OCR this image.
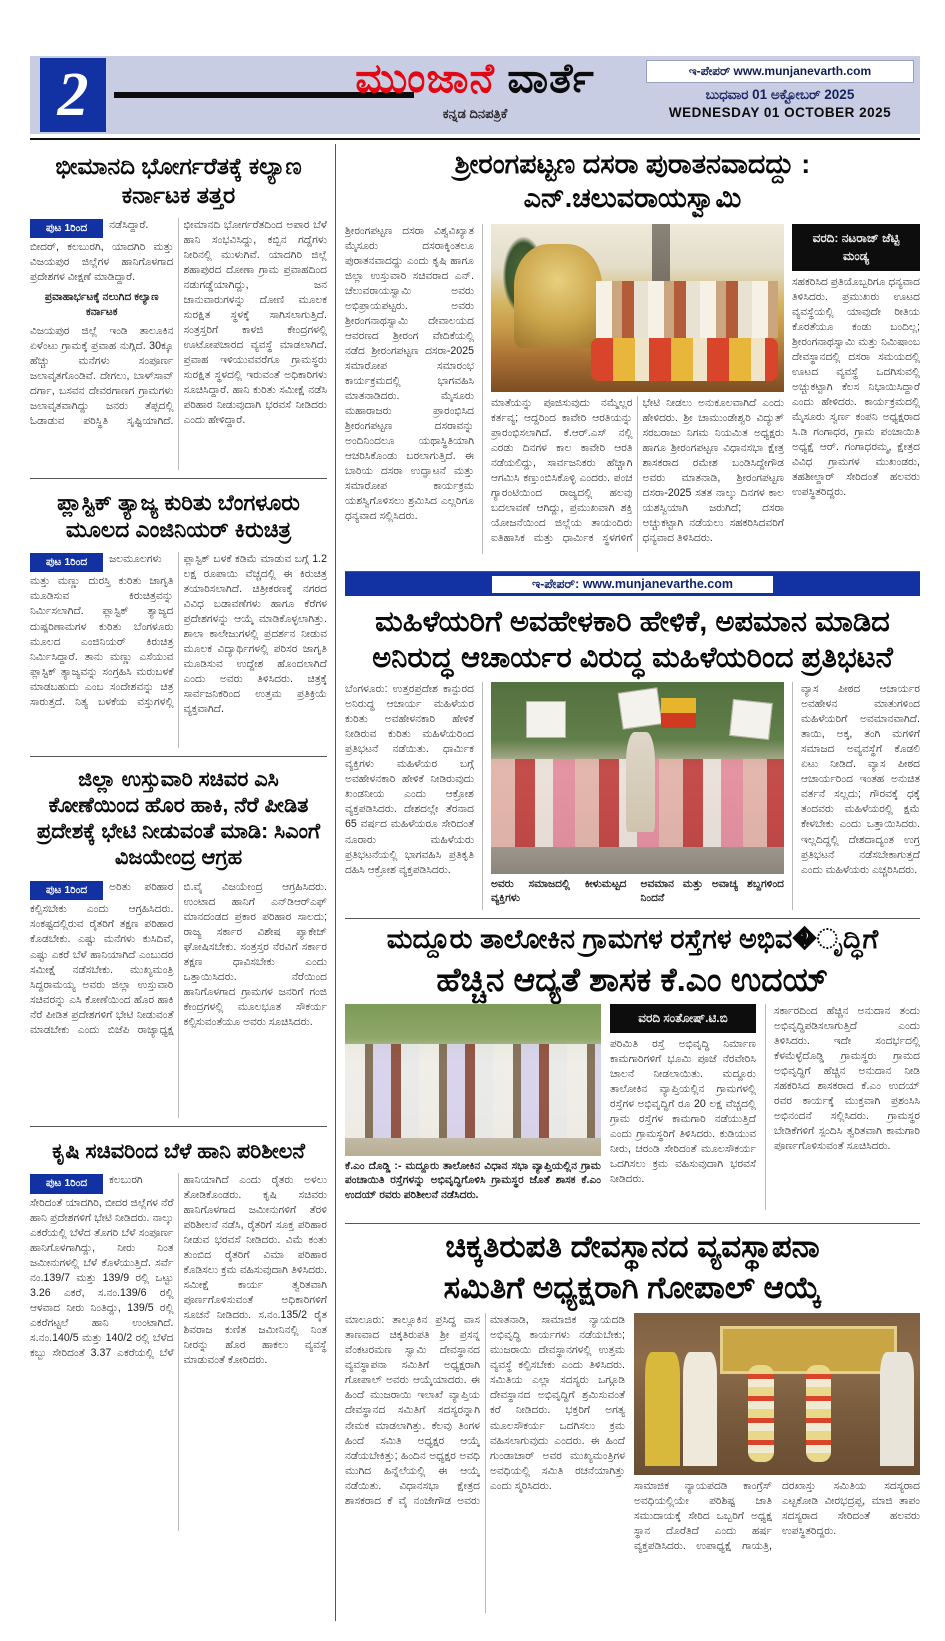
2	ಮುಂಜಾನೆ ವಾರ್ತೆ
ಕನ್ನಡ ದಿನಪತ್ರಿಕೆ
ಇ-ಪೇಪರ್ www.munjanevarth.com
ಬುಧವಾರ 01 ಅಕ್ಟೋಬರ್ 2025
WEDNESDAY 01 OCTOBER 2025
ಭೀಮಾನದಿ ಭೋರ್ಗರೆತಕ್ಕೆ ಕಲ್ಯಾಣ ಕರ್ನಾಟಕ ತತ್ತರ
ಪುಟ 1ರಿಂದ ನಡೆಸಿದ್ದಾರೆ. ಬೀದರ್, ಕಲಬುರಗಿ, ಯಾದಗಿರಿ ಮತ್ತು ವಿಜಯಪುರ ಜಿಲ್ಲೆಗಳ ಹಾನಿಗೊಳಗಾದ ಪ್ರದೇಶಗಳ ವೀಕ್ಷಣೆ ಮಾಡಿದ್ದಾರೆ.
ಪ್ರವಾಹಾರ್ಭಟಕ್ಕೆ ನಲುಗಿದ ಕಲ್ಯಾಣ ಕರ್ನಾಟಕ
ವಿಜಯಪುರ ಜಿಲ್ಲೆ ಇಂಡಿ ತಾಲೂಕಿನ ಏಳೆಂಟು ಗ್ರಾಮಕ್ಕೆ ಪ್ರವಾಹ ನುಗ್ಗಿದೆ. 30ಕ್ಕೂ ಹೆಚ್ಚು ಮನೆಗಳು ಸಂಪೂರ್ಣ ಜಲಾವೃತಗೊಂಡಿವೆ. ದೇಗಲು, ಬಾಳ್‌ಸಾವ್ ದರ್ಗಾ, ಬಸವನ ದೇವರಗಾಣಗ ಗ್ರಾಮಗಳು ಜಲಾವೃತವಾಗಿದ್ದು ಜನರು ತೆಪ್ಪದಲ್ಲಿ ಓಡಾಡುವ ಪರಿಸ್ಥಿತಿ ಸೃಷ್ಟಿಯಾಗಿದೆ. ಭೀಮಾನದಿ ಭೋರ್ಗರೆತದಿಂದ ಅಪಾರ ಬೆಳೆ ಹಾನಿ ಸಂಭವಿಸಿದ್ದು, ಕಬ್ಬಿನ ಗದ್ದೆಗಳು ನೀರಿನಲ್ಲಿ ಮುಳುಗಿವೆ. ಯಾದಗಿರಿ ಜಿಲ್ಲೆ ಶಹಾಪುರದ ದೋಣಾ ಗ್ರಾಮ ಪ್ರವಾಹದಿಂದ ನಡುಗಡ್ಡೆಯಾಗಿದ್ದು, ಜನ ಜಾನುವಾರುಗಳನ್ನು ದೋಣಿ ಮೂಲಕ ಸುರಕ್ಷಿತ ಸ್ಥಳಕ್ಕೆ ಸಾಗಿಸಲಾಗುತ್ತಿದೆ. ಸಂತ್ರಸ್ತರಿಗೆ ಕಾಳಜಿ ಕೇಂದ್ರಗಳಲ್ಲಿ ಊಟೋಪಚಾರದ ವ್ಯವಸ್ಥೆ ಮಾಡಲಾಗಿದೆ. ಪ್ರವಾಹ ಇಳಿಯುವವರೆಗೂ ಗ್ರಾಮಸ್ಥರು ಸುರಕ್ಷಿತ ಸ್ಥಳದಲ್ಲಿ ಇರುವಂತೆ ಅಧಿಕಾರಿಗಳು ಸೂಚಿಸಿದ್ದಾರೆ. ಹಾನಿ ಕುರಿತು ಸಮೀಕ್ಷೆ ನಡೆಸಿ ಪರಿಹಾರ ನೀಡುವುದಾಗಿ ಭರವಸೆ ನೀಡಿದರು ಎಂದು ಹೇಳಿದ್ದಾರೆ.
ಪ್ಲಾಸ್ಟಿಕ್ ತ್ಯಾಜ್ಯ ಕುರಿತು ಬೆಂಗಳೂರು ಮೂಲದ ಎಂಜಿನಿಯರ್ ಕಿರುಚಿತ್ರ
ಪುಟ 1ರಿಂದ ಜಲಮೂಲಗಳು ಮತ್ತು ಮಣ್ಣು ದುರಸ್ತಿ ಕುರಿತು ಜಾಗೃತಿ ಮೂಡಿಸುವ ಕಿರುಚಿತ್ರವನ್ನು ನಿರ್ಮಿಸಲಾಗಿದೆ. ಪ್ಲಾಸ್ಟಿಕ್ ತ್ಯಾಜ್ಯದ ದುಷ್ಪರಿಣಾಮಗಳ ಕುರಿತು ಬೆಂಗಳೂರು ಮೂಲದ ಎಂಜಿನಿಯರ್ ಕಿರುಚಿತ್ರ ನಿರ್ಮಿಸಿದ್ದಾರೆ. ತಾನು ಮಣ್ಣು ಎಸೆಯುವ ಪ್ಲಾಸ್ಟಿಕ್ ತ್ಯಾಜ್ಯವನ್ನು ಸಂಗ್ರಹಿಸಿ ಮರುಬಳಕೆ ಮಾಡಬಹುದು ಎಂಬ ಸಂದೇಶವನ್ನು ಚಿತ್ರ ಸಾರುತ್ತದೆ. ನಿತ್ಯ ಬಳಕೆಯ ವಸ್ತುಗಳಲ್ಲಿ ಪ್ಲಾಸ್ಟಿಕ್ ಬಳಕೆ ಕಡಿಮೆ ಮಾಡುವ ಬಗ್ಗೆ 1.2 ಲಕ್ಷ ರೂಪಾಯಿ ವೆಚ್ಚದಲ್ಲಿ ಈ ಕಿರುಚಿತ್ರ ತಯಾರಿಸಲಾಗಿದೆ. ಚಿತ್ರೀಕರಣಕ್ಕೆ ನಗರದ ವಿವಿಧ ಬಡಾವಣೆಗಳು ಹಾಗೂ ಕೆರೆಗಳ ಪ್ರದೇಶಗಳನ್ನು ಆಯ್ಕೆ ಮಾಡಿಕೊಳ್ಳಲಾಗಿತ್ತು. ಶಾಲಾ ಕಾಲೇಜುಗಳಲ್ಲಿ ಪ್ರದರ್ಶನ ನೀಡುವ ಮೂಲಕ ವಿದ್ಯಾರ್ಥಿಗಳಲ್ಲಿ ಪರಿಸರ ಜಾಗೃತಿ ಮೂಡಿಸುವ ಉದ್ದೇಶ ಹೊಂದಲಾಗಿದೆ ಎಂದು ಅವರು ತಿಳಿಸಿದರು. ಚಿತ್ರಕ್ಕೆ ಸಾರ್ವಜನಿಕರಿಂದ ಉತ್ತಮ ಪ್ರತಿಕ್ರಿಯೆ ವ್ಯಕ್ತವಾಗಿದೆ.
ಜಿಲ್ಲಾ ಉಸ್ತುವಾರಿ ಸಚಿವರ ಎಸಿ ಕೋಣೆಯಿಂದ ಹೊರ ಹಾಕಿ, ನೆರೆ ಪೀಡಿತ ಪ್ರದೇಶಕ್ಕೆ ಭೇಟಿ ನೀಡುವಂತೆ ಮಾಡಿ: ಸಿಎಂಗೆ ವಿಜಯೇಂದ್ರ ಆಗ್ರಹ
ಪುಟ 1ರಿಂದ ಅರಿತು ಪರಿಹಾರ ಕಲ್ಪಿಸಬೇಕು ಎಂದು ಆಗ್ರಹಿಸಿದರು. ಸಂಕಷ್ಟದಲ್ಲಿರುವ ರೈತರಿಗೆ ತಕ್ಷಣ ಪರಿಹಾರ ಕೊಡಬೇಕು. ಎಷ್ಟು ಮನೆಗಳು ಕುಸಿದಿವೆ, ಎಷ್ಟು ಎಕರೆ ಬೆಳೆ ಹಾನಿಯಾಗಿದೆ ಎಂಬುದರ ಸಮೀಕ್ಷೆ ನಡೆಸಬೇಕು. ಮುಖ್ಯಮಂತ್ರಿ ಸಿದ್ದರಾಮಯ್ಯ ಅವರು ಜಿಲ್ಲಾ ಉಸ್ತುವಾರಿ ಸಚಿವರನ್ನು ಎಸಿ ಕೋಣೆಯಿಂದ ಹೊರ ಹಾಕಿ ನೆರೆ ಪೀಡಿತ ಪ್ರದೇಶಗಳಿಗೆ ಭೇಟಿ ನೀಡುವಂತೆ ಮಾಡಬೇಕು ಎಂದು ಬಿಜೆಪಿ ರಾಜ್ಯಾಧ್ಯಕ್ಷ ಬಿ.ವೈ ವಿಜಯೇಂದ್ರ ಆಗ್ರಹಿಸಿದರು. ಉಂಟಾದ ಹಾನಿಗೆ ಎನ್‌ಡಿಆರ್‌ಎಫ್ ಮಾನದಂಡದ ಪ್ರಕಾರ ಪರಿಹಾರ ಸಾಲದು; ರಾಜ್ಯ ಸರ್ಕಾರ ವಿಶೇಷ ಪ್ಯಾಕೇಜ್ ಘೋಷಿಸಬೇಕು. ಸಂತ್ರಸ್ತರ ನೆರವಿಗೆ ಸರ್ಕಾರ ತಕ್ಷಣ ಧಾವಿಸಬೇಕು ಎಂದು ಒತ್ತಾಯಿಸಿದರು. ನೆರೆಯಿಂದ ಹಾನಿಗೊಳಗಾದ ಗ್ರಾಮಗಳ ಜನರಿಗೆ ಗಂಜಿ ಕೇಂದ್ರಗಳಲ್ಲಿ ಮೂಲಭೂತ ಸೌಕರ್ಯ ಕಲ್ಪಿಸುವಂತೆಯೂ ಅವರು ಸೂಚಿಸಿದರು.
ಕೃಷಿ ಸಚಿವರಿಂದ ಬೆಳೆ ಹಾನಿ ಪರಿಶೀಲನೆ
ಪುಟ 1ರಿಂದ ಕಲಬುರಗಿ ಸೇರಿದಂತೆ ಯಾದಗಿರಿ, ಬೀದರ ಜಿಲ್ಲೆಗಳ ನೆರೆ ಹಾನಿ ಪ್ರದೇಶಗಳಿಗೆ ಭೇಟಿ ನೀಡಿದರು. ನಾಲ್ಕು ಎಕರೆಯಲ್ಲಿ ಬೆಳೆದ ತೊಗರಿ ಬೆಳೆ ಸಂಪೂರ್ಣ ಹಾನಿಗೊಳಗಾಗಿದ್ದು, ನೀರು ನಿಂತ ಜಮೀನುಗಳಲ್ಲಿ ಬೆಳೆ ಕೊಳೆಯುತ್ತಿದೆ. ಸರ್ವೆ ನಂ.139/7 ಮತ್ತು 139/9 ರಲ್ಲಿ ಒಟ್ಟು 3.26 ಎಕರೆ, ಸ.ನಂ.139/6 ರಲ್ಲಿ ಆಳವಾದ ನೀರು ನಿಂತಿದ್ದು, 139/5 ರಲ್ಲಿ ಎಕರೆಗಟ್ಟಲೆ ಹಾನಿ ಉಂಟಾಗಿದೆ. ಸ.ನಂ.140/5 ಮತ್ತು 140/2 ರಲ್ಲಿ ಬೆಳೆದ ಕಬ್ಬು ಸೇರಿದಂತೆ 3.37 ಎಕರೆಯಲ್ಲಿ ಬೆಳೆ ಹಾನಿಯಾಗಿದೆ ಎಂದು ರೈತರು ಅಳಲು ತೋಡಿಕೊಂಡರು. ಕೃಷಿ ಸಚಿವರು ಹಾನಿಗೊಳಗಾದ ಜಮೀನುಗಳಿಗೆ ತೆರಳಿ ಪರಿಶೀಲನೆ ನಡೆಸಿ, ರೈತರಿಗೆ ಸೂಕ್ತ ಪರಿಹಾರ ನೀಡುವ ಭರವಸೆ ನೀಡಿದರು. ವಿಮೆ ಕಂತು ತುಂಬಿದ ರೈತರಿಗೆ ವಿಮಾ ಪರಿಹಾರ ಕೊಡಿಸಲು ಕ್ರಮ ವಹಿಸುವುದಾಗಿ ತಿಳಿಸಿದರು. ಸಮೀಕ್ಷೆ ಕಾರ್ಯ ತ್ವರಿತವಾಗಿ ಪೂರ್ಣಗೊಳಿಸುವಂತೆ ಅಧಿಕಾರಿಗಳಿಗೆ ಸೂಚನೆ ನೀಡಿದರು. ಸ.ನಂ.135/2 ರೈತ ಶಿವರಾಜ ಕುಣಿತ ಜಮೀನಿನಲ್ಲಿ ನಿಂತ ನೀರನ್ನು ಹೊರ ಹಾಕಲು ವ್ಯವಸ್ಥೆ ಮಾಡುವಂತೆ ಕೋರಿದರು.
ಶ್ರೀರಂಗಪಟ್ಟಣ ದಸರಾ ಪುರಾತನವಾದದ್ದು : ಎನ್.ಚಲುವರಾಯಸ್ವಾಮಿ
ಶ್ರೀರಂಗಪಟ್ಟಣ ದಸರಾ ವಿಶ್ವವಿಖ್ಯಾತ ಮೈಸೂರು ದಸರಾಕ್ಕಿಂತಲೂ ಪುರಾತನವಾದದ್ದು ಎಂದು ಕೃಷಿ ಹಾಗೂ ಜಿಲ್ಲಾ ಉಸ್ತುವಾರಿ ಸಚಿವರಾದ ಎನ್. ಚೆಲುವರಾಯಸ್ವಾಮಿ ಅವರು ಅಭಿಪ್ರಾಯಪಟ್ಟರು. ಅವರು ಶ್ರೀರಂಗನಾಥಸ್ವಾಮಿ ದೇವಾಲಯದ ಆವರಣದ ಶ್ರೀರಂಗ ವೇದಿಕೆಯಲ್ಲಿ ನಡೆದ ಶ್ರೀರಂಗಪಟ್ಟಣ ದಸರಾ-2025 ಸಮಾರೋಪ ಸಮಾರಂಭ ಕಾರ್ಯಕ್ರಮದಲ್ಲಿ ಭಾಗವಹಿಸಿ ಮಾತನಾಡಿದರು. ಮೈಸೂರು ಮಹಾರಾಜರು ಪ್ರಾರಂಭಿಸಿದ ಶ್ರೀರಂಗಪಟ್ಟಣ ದಸರಾವನ್ನು ಅಂದಿನಿಂದಲೂ ಯಥಾಸ್ಥಿತಿಯಾಗಿ ಆಚರಿಸಿಕೊಂಡು ಬರಲಾಗುತ್ತಿದೆ. ಈ ಬಾರಿಯ ದಸರಾ ಉದ್ಘಾಟನೆ ಮತ್ತು ಸಮಾರೋಪ ಕಾರ್ಯಕ್ರಮ ಯಶಸ್ವಿಗೊಳಿಸಲು ಶ್ರಮಿಸಿದ ಎಲ್ಲರಿಗೂ ಧನ್ಯವಾದ ಸಲ್ಲಿಸಿದರು.
ಮಾತೆಯನ್ನು ಪೂಜಿಸುವುದು ನಮ್ಮೆಲ್ಲರ ಕರ್ತವ್ಯ; ಆದ್ದರಿಂದ ಕಾವೇರಿ ಆರತಿಯನ್ನು ಪ್ರಾರಂಭಿಸಲಾಗಿದೆ. ಕೆ.ಆರ್.ಎಸ್ ನಲ್ಲಿ ಎರಡು ದಿನಗಳ ಕಾಲ ಕಾವೇರಿ ಆರತಿ ನಡೆಯಲಿದ್ದು, ಸಾರ್ವಜನಿಕರು ಹೆಚ್ಚಾಗಿ ಆಗಮಿಸಿ ಕಣ್ತುಂಬಿಸಿಕೊಳ್ಳಿ ಎಂದರು. ಪಂಚ ಗ್ಯಾರಂಟಿಯಿಂದ ರಾಜ್ಯದಲ್ಲಿ ಹಲವು ಬದಲಾವಣೆ ಆಗಿದ್ದು, ಪ್ರಮುಖವಾಗಿ ಶಕ್ತಿ ಯೋಜನೆಯಿಂದ ಜಿಲ್ಲೆಯ ತಾಯಂದಿರು ಐತಿಹಾಸಿಕ ಮತ್ತು ಧಾರ್ಮಿಕ ಸ್ಥಳಗಳಿಗೆ ಭೇಟಿ ನೀಡಲು ಅನುಕೂಲವಾಗಿದೆ ಎಂದು ಹೇಳಿದರು. ಶ್ರೀ ಚಾಮುಂಡೇಶ್ವರಿ ವಿದ್ಯುತ್ ಸರಬರಾಜು ನಿಗಮ ನಿಯಮಿತ ಅಧ್ಯಕ್ಷರು ಹಾಗೂ ಶ್ರೀರಂಗಪಟ್ಟಣ ವಿಧಾನಸಭಾ ಕ್ಷೇತ್ರ ಶಾಸಕರಾದ ರಮೇಶ ಬಂಡಿಸಿದ್ದೇಗೌಡ ಅವರು ಮಾತನಾಡಿ, ಶ್ರೀರಂಗಪಟ್ಟಣ ದಸರಾ-2025 ಸತತ ನಾಲ್ಕು ದಿನಗಳ ಕಾಲ ಯಶಸ್ವಿಯಾಗಿ ಜರುಗಿದೆ; ದಸರಾ ಅಚ್ಚುಕಟ್ಟಾಗಿ ನಡೆಯಲು ಸಹಕರಿಸಿದವರಿಗೆ ಧನ್ಯವಾದ ತಿಳಿಸಿದರು.
ವರದಿ: ನಟರಾಜ್ ಜೆಟ್ಟಿ
ಮಂಡ್ಯ
ಸಹಕರಿಸಿದ ಪ್ರತಿಯೊಬ್ಬರಿಗೂ ಧನ್ಯವಾದ ತಿಳಿಸಿದರು. ಪ್ರಮುಖರು ಊಟದ ವ್ಯವಸ್ಥೆಯಲ್ಲಿ ಯಾವುದೇ ರೀತಿಯ ಕೊರತೆಯೂ ಕಂಡು ಬಂದಿಲ್ಲ; ಶ್ರೀರಂಗನಾಥಸ್ವಾಮಿ ಮತ್ತು ನಿಮಿಷಾಂಬ ದೇವಸ್ಥಾನದಲ್ಲಿ ದಸರಾ ಸಮಯದಲ್ಲಿ ಊಟದ ವ್ಯವಸ್ಥೆ ಒದಗಿಸುವಲ್ಲಿ ಅಚ್ಚುಕಟ್ಟಾಗಿ ಕೆಲಸ ನಿಭಾಯಿಸಿದ್ದಾರೆ ಎಂದು ಹೇಳಿದರು. ಕಾರ್ಯಕ್ರಮದಲ್ಲಿ ಮೈಸೂರು ಸ್ವರ್ಣ ಕಂಪನಿ ಅಧ್ಯಕ್ಷರಾದ ಸಿ.ಡಿ ಗಂಗಾಧರ, ಗ್ರಾಮ ಪಂಚಾಯಿತಿ ಅಧ್ಯಕ್ಷೆ ಆರ್. ಗಂಗಾಧರಮ್ಮ, ಕ್ಷೇತ್ರದ ವಿವಿಧ ಗ್ರಾಮಗಳ ಮುಖಂಡರು, ತಹಶೀಲ್ದಾರ್ ಸೇರಿದಂತೆ ಹಲವರು ಉಪಸ್ಥಿತರಿದ್ದರು.
ಇ-ಪೇಪರ್: www.munjanevarthe.com
ಮಹಿಳೆಯರಿಗೆ ಅವಹೇಳಕಾರಿ ಹೇಳಿಕೆ, ಅಪಮಾನ ಮಾಡಿದ
ಅನಿರುದ್ಧ ಆಚಾರ್ಯರ ವಿರುದ್ಧ ಮಹಿಳೆಯರಿಂದ ಪ್ರತಿಭಟನೆ
ಬೆಂಗಳೂರು: ಉತ್ತರಪ್ರದೇಶ ಕಾನ್ಪುರದ ಅನಿರುದ್ಧ ಆಚಾರ್ಯ ಮಹಿಳೆಯರ ಕುರಿತು ಅವಹೇಳನಕಾರಿ ಹೇಳಿಕೆ ನೀಡಿರುವ ಕುರಿತು ಮಹಿಳೆಯರಿಂದ ಪ್ರತಿಭಟನೆ ನಡೆಯಿತು. ಧಾರ್ಮಿಕ ವ್ಯಕ್ತಿಗಳು ಮಹಿಳೆಯರ ಬಗ್ಗೆ ಅವಹೇಳನಕಾರಿ ಹೇಳಿಕೆ ನೀಡಿರುವುದು ಖಂಡನೀಯ ಎಂದು ಆಕ್ರೋಶ ವ್ಯಕ್ತಪಡಿಸಿದರು. ದೇಶದಲ್ಲೇ ತೆರನಾದ 65 ವರ್ಷದ ಮಹಿಳೆಯರೂ ಸೇರಿದಂತೆ ನೂರಾರು ಮಹಿಳೆಯರು ಪ್ರತಿಭಟನೆಯಲ್ಲಿ ಭಾಗವಹಿಸಿ ಪ್ರತಿಕೃತಿ ದಹಿಸಿ ಆಕ್ರೋಶ ವ್ಯಕ್ತಪಡಿಸಿದರು.
ಅವರು ಸಮಾಜದಲ್ಲಿ ಕೀಳುಮಟ್ಟದ ವ್ಯಕ್ತಿಗಳು
ಅವಮಾನ ಮತ್ತು ಅವಾಚ್ಯ ಶಬ್ದಗಳಿಂದ ನಿಂದನೆ
ವ್ಯಾಸ ಪೀಠದ ಆಚಾರ್ಯರ ಅವಹೇಳನ ಮಾತುಗಳಿಂದ ಮಹಿಳೆಯರಿಗೆ ಅವಮಾನವಾಗಿದೆ. ತಾಯಿ, ಅಕ್ಕ, ತಂಗಿ ಮಗಳಿಗೆ ಸಮಾಜದ ಅವ್ಯವಸ್ಥೆಗೆ ಕೊಡಲಿ ಏಟು ನೀಡಿದೆ. ವ್ಯಾಸ ಪೀಠದ ಆಚಾರ್ಯರಿಂದ ಇಂತಹ ಅನುಚಿತ ವರ್ತನೆ ಸಲ್ಲದು; ಗೌರವಕ್ಕೆ ಧಕ್ಕೆ ತಂದವರು ಮಹಿಳೆಯರಲ್ಲಿ ಕ್ಷಮೆ ಕೇಳಬೇಕು ಎಂದು ಒತ್ತಾಯಿಸಿದರು. ಇಲ್ಲದಿದ್ದಲ್ಲಿ ದೇಶದಾದ್ಯಂತ ಉಗ್ರ ಪ್ರತಿಭಟನೆ ನಡೆಸಬೇಕಾಗುತ್ತದೆ ಎಂದು ಮಹಿಳೆಯರು ಎಚ್ಚರಿಸಿದರು.
ಮದ್ದೂರು ತಾಲೋಕಿನ ಗ್ರಾಮಗಳ ರಸ್ತೆಗಳ ಅಭಿವ�ೃದ್ಧಿಗೆ
ಹೆಚ್ಚಿನ ಆದ್ಯತೆ ಶಾಸಕ ಕೆ.ಎಂ ಉದಯ್
ಕೆ.ಎಂ ದೊಡ್ಡಿ :- ಮದ್ದೂರು ತಾಲೋಕಿನ ವಿಧಾನ ಸಭಾ ವ್ಯಾಪ್ತಿಯಲ್ಲಿನ ಗ್ರಾಮ ಪಂಚಾಯಿತಿ ರಸ್ತೆಗಳನ್ನು ಅಭಿವೃದ್ಧಿಗೊಳಿಸಿ ಗ್ರಾಮಸ್ಥರ ಜೊತೆ ಶಾಸಕ ಕೆ.ಎಂ ಉದಯ್ ರವರು ಪರಿಶೀಲನೆ ನಡೆಸಿದರು.
ವರದಿ ಸಂತೋಷ್.ಟಿ.ಬಿ
ಪರಿಮಿತಿ ರಸ್ತೆ ಅಭಿವೃದ್ಧಿ ನಿರ್ಮಾಣ ಕಾಮಗಾರಿಗಳಿಗೆ ಭೂಮಿ ಪೂಜೆ ನೆರವೇರಿಸಿ ಚಾಲನೆ ನೀಡಲಾಯಿತು. ಮದ್ದೂರು ತಾಲೋಕಿನ ವ್ಯಾಪ್ತಿಯಲ್ಲಿನ ಗ್ರಾಮಗಳಲ್ಲಿ ರಸ್ತೆಗಳ ಅಭಿವೃದ್ಧಿಗೆ ರೂ 20 ಲಕ್ಷ ವೆಚ್ಚದಲ್ಲಿ ಗ್ರಾಮ ರಸ್ತೆಗಳ ಕಾಮಗಾರಿ ನಡೆಯುತ್ತಿದೆ ಎಂದು ಗ್ರಾಮಸ್ಥರಿಗೆ ತಿಳಿಸಿದರು. ಕುಡಿಯುವ ನೀರು, ಚರಂಡಿ ಸೇರಿದಂತೆ ಮೂಲಸೌಕರ್ಯ ಒದಗಿಸಲು ಕ್ರಮ ವಹಿಸುವುದಾಗಿ ಭರವಸೆ ನೀಡಿದರು.
ಸರ್ಕಾರದಿಂದ ಹೆಚ್ಚಿನ ಅನುದಾನ ತಂದು ಅಭಿವೃದ್ಧಿಪಡಿಸಲಾಗುತ್ತಿದೆ ಎಂದು ತಿಳಿಸಿದರು. ಇದೇ ಸಂದರ್ಭದಲ್ಲಿ ಕೆಳಮೆಳ್ಳೆದೊಡ್ಡಿ ಗ್ರಾಮಸ್ಥರು ಗ್ರಾಮದ ಅಭಿವೃದ್ಧಿಗೆ ಹೆಚ್ಚಿನ ಅನುದಾನ ನೀಡಿ ಸಹಕರಿಸಿದ ಶಾಸಕರಾದ ಕೆ.ಎಂ ಉದಯ್ ರವರ ಕಾರ್ಯಕ್ಕೆ ಮುಕ್ತವಾಗಿ ಪ್ರಶಂಸಿಸಿ ಅಭಿನಂದನೆ ಸಲ್ಲಿಸಿದರು. ಗ್ರಾಮಸ್ಥರ ಬೇಡಿಕೆಗಳಿಗೆ ಸ್ಪಂದಿಸಿ ತ್ವರಿತವಾಗಿ ಕಾಮಗಾರಿ ಪೂರ್ಣಗೊಳಿಸುವಂತೆ ಸೂಚಿಸಿದರು.
ಚಿಕ್ಕತಿರುಪತಿ ದೇವಸ್ಥಾನದ ವ್ಯವಸ್ಥಾಪನಾ
ಸಮಿತಿಗೆ ಅಧ್ಯಕ್ಷರಾಗಿ ಗೋಪಾಲ್ ಆಯ್ಕೆ
ಮಾಲೂರು: ತಾಲ್ಲೂಕಿನ ಪ್ರಸಿದ್ಧ ವಾಸ ತಾಣವಾದ ಚಿಕ್ಕತಿರುಪತಿ ಶ್ರೀ ಪ್ರಸನ್ನ ವೆಂಕಟರಮಣ ಸ್ವಾಮಿ ದೇವಸ್ಥಾನದ ವ್ಯವಸ್ಥಾಪನಾ ಸಮಿತಿಗೆ ಅಧ್ಯಕ್ಷರಾಗಿ ಗೋಪಾಲ್ ಅವರು ಆಯ್ಕೆಯಾದರು. ಈ ಹಿಂದೆ ಮುಜರಾಯಿ ಇಲಾಖೆ ವ್ಯಾಪ್ತಿಯ ದೇವಸ್ಥಾನದ ಸಮಿತಿಗೆ ಸದಸ್ಯರನ್ನಾಗಿ ನೇಮಕ ಮಾಡಲಾಗಿತ್ತು. ಕೆಲವು ತಿಂಗಳ ಹಿಂದೆ ಸಮಿತಿ ಅಧ್ಯಕ್ಷರ ಆಯ್ಕೆ ನಡೆಯಬೇಕಿತ್ತು; ಹಿಂದಿನ ಅಧ್ಯಕ್ಷರ ಅವಧಿ ಮುಗಿದ ಹಿನ್ನೆಲೆಯಲ್ಲಿ ಈ ಆಯ್ಕೆ ನಡೆಯಿತು. ವಿಧಾನಸಭಾ ಕ್ಷೇತ್ರದ ಶಾಸಕರಾದ ಕೆ ವೈ ನಂಜೇಗೌಡ ಅವರು ಮಾತನಾಡಿ, ಸಾಮಾಜಿಕ ನ್ಯಾಯದಡಿ ಅಭಿವೃದ್ಧಿ ಕಾರ್ಯಗಳು ನಡೆಯಬೇಕು; ಮುಜರಾಯಿ ದೇವಸ್ಥಾನಗಳಲ್ಲಿ ಉತ್ತಮ ವ್ಯವಸ್ಥೆ ಕಲ್ಪಿಸಬೇಕು ಎಂದು ತಿಳಿಸಿದರು. ಸಮಿತಿಯ ಎಲ್ಲಾ ಸದಸ್ಯರು ಒಗ್ಗೂಡಿ ದೇವಸ್ಥಾನದ ಅಭಿವೃದ್ಧಿಗೆ ಶ್ರಮಿಸುವಂತೆ ಕರೆ ನೀಡಿದರು. ಭಕ್ತರಿಗೆ ಅಗತ್ಯ ಮೂಲಸೌಕರ್ಯ ಒದಗಿಸಲು ಕ್ರಮ ವಹಿಸಲಾಗುವುದು ಎಂದರು. ಈ ಹಿಂದೆ ಗುಂಡಾಚಾರ್ ಅವರ ಮುಖ್ಯಮಂತ್ರಿಗಳ ಅವಧಿಯಲ್ಲಿ ಸಮಿತಿ ರಚನೆಯಾಗಿತ್ತು ಎಂದು ಸ್ಮರಿಸಿದರು.	ಸಾಮಾಜಿಕ ನ್ಯಾಯಪದಡಿ ಕಾಂಗ್ರೆಸ್ ಅವಧಿಯಲ್ಲಿಯೇ ಪರಿಶಿಷ್ಟ ಜಾತಿ ಸಮುದಾಯಕ್ಕೆ ಸೇರಿದ ಒಬ್ಬರಿಗೆ ಅಧ್ಯಕ್ಷ ಸ್ಥಾನ ದೊರೆತಿದೆ ಎಂದು ಹರ್ಷ ವ್ಯಕ್ತಪಡಿಸಿದರು. ಉಪಾಧ್ಯಕ್ಷೆ ಗಾಯತ್ರಿ, ದರಖಾಸ್ತು ಸಮಿತಿಯ ಸದಸ್ಯರಾದ ಎಟ್ಟಕೋಡಿ ವೀರಭದ್ರಪ್ಪ, ಮಾಜಿ ತಾಪಂ ಸದಸ್ಯರಾದ ಸೇರಿದಂತೆ ಹಲವರು ಉಪಸ್ಥಿತರಿದ್ದರು.
